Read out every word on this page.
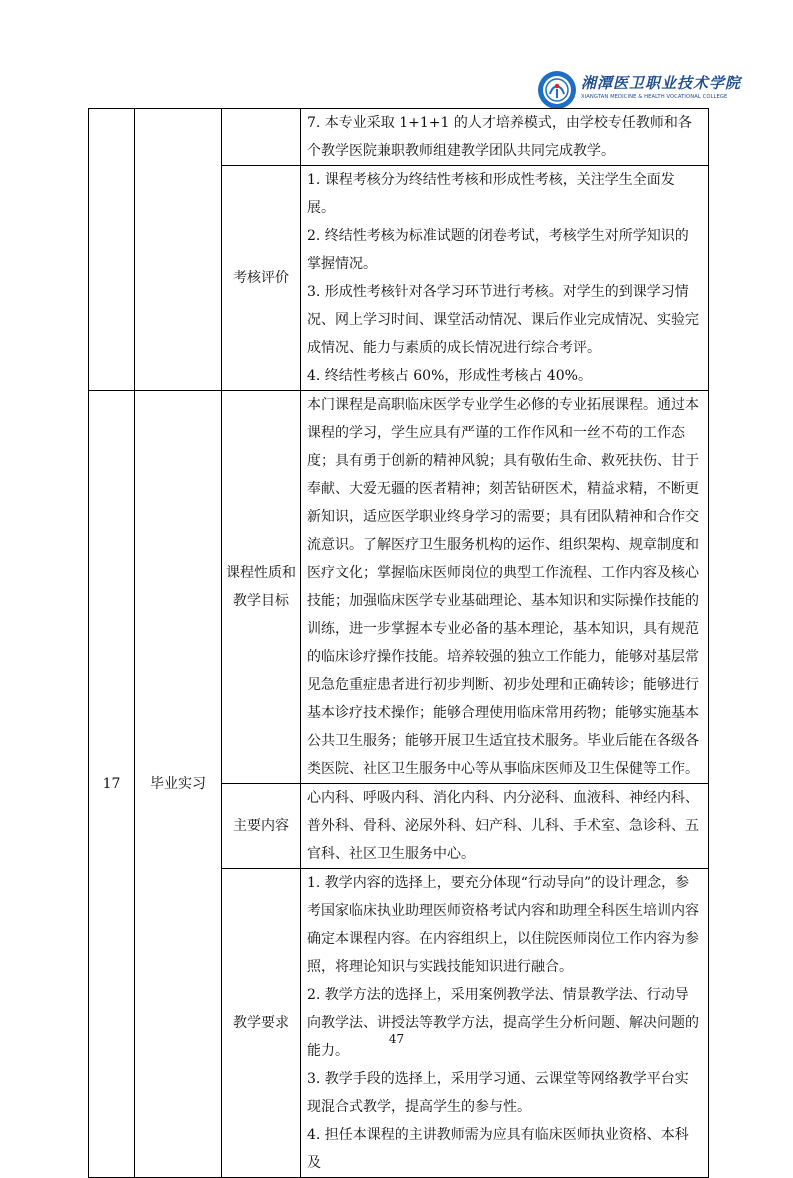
湘潭医卫职业技术学院
XIANGTAN MEDICINE & HEALTH VOCATIONAL COLLEGE

			7. 本专业采取 1+1+1 的人才培养模式，由学校专任教师和各个教学医院兼职教师组建教学团队共同完成教学。

		考核评价	1. 课程考核分为终结性考核和形成性考核，关注学生全面发展。

2. 终结性考核为标准试题的闭卷考试，考核学生对所学知识的掌握情况。

3. 形成性考核针对各学习环节进行考核。对学生的到课学习情况、网上学习时间、课堂活动情况、课后作业完成情况、实验完成情况、能力与素质的成长情况进行综合考评。

4. 终结性考核占 60%，形成性考核占 40%。

17	毕业实习	课程性质和教学目标	本门课程是高职临床医学专业学生必修的专业拓展课程。通过本课程的学习，学生应具有严谨的工作作风和一丝不苟的工作态度；具有勇于创新的精神风貌；具有敬佑生命、救死扶伤、甘于奉献、大爱无疆的医者精神；刻苦钻研医术，精益求精，不断更新知识，适应医学职业终身学习的需要；具有团队精神和合作交流意识。了解医疗卫生服务机构的运作、组织架构、规章制度和医疗文化；掌握临床医师岗位的典型工作流程、工作内容及核心技能；加强临床医学专业基础理论、基本知识和实际操作技能的训练，进一步掌握本专业必备的基本理论，基本知识，具有规范的临床诊疗操作技能。培养较强的独立工作能力，能够对基层常见急危重症患者进行初步判断、初步处理和正确转诊；能够进行基本诊疗技术操作；能够合理使用临床常用药物；能够实施基本公共卫生服务；能够开展卫生适宜技术服务。毕业后能在各级各类医院、社区卫生服务中心等从事临床医师及卫生保健等工作。

		主要内容	心内科、呼吸内科、消化内科、内分泌科、血液科、神经内科、普外科、骨科、泌尿外科、妇产科、儿科、手术室、急诊科、五官科、社区卫生服务中心。

		教学要求	1. 教学内容的选择上，要充分体现“行动导向”的设计理念，参考国家临床执业助理医师资格考试内容和助理全科医生培训内容确定本课程内容。在内容组织上，以住院医师岗位工作内容为参照，将理论知识与实践技能知识进行融合。

2. 教学方法的选择上，采用案例教学法、情景教学法、行动导向教学法、讲授法等教学方法，提高学生分析问题、解决问题的能力。

3. 教学手段的选择上，采用学习通、云课堂等网络教学平台实现混合式教学，提高学生的参与性。

4. 担任本课程的主讲教师需为应具有临床医师执业资格、本科及

47
